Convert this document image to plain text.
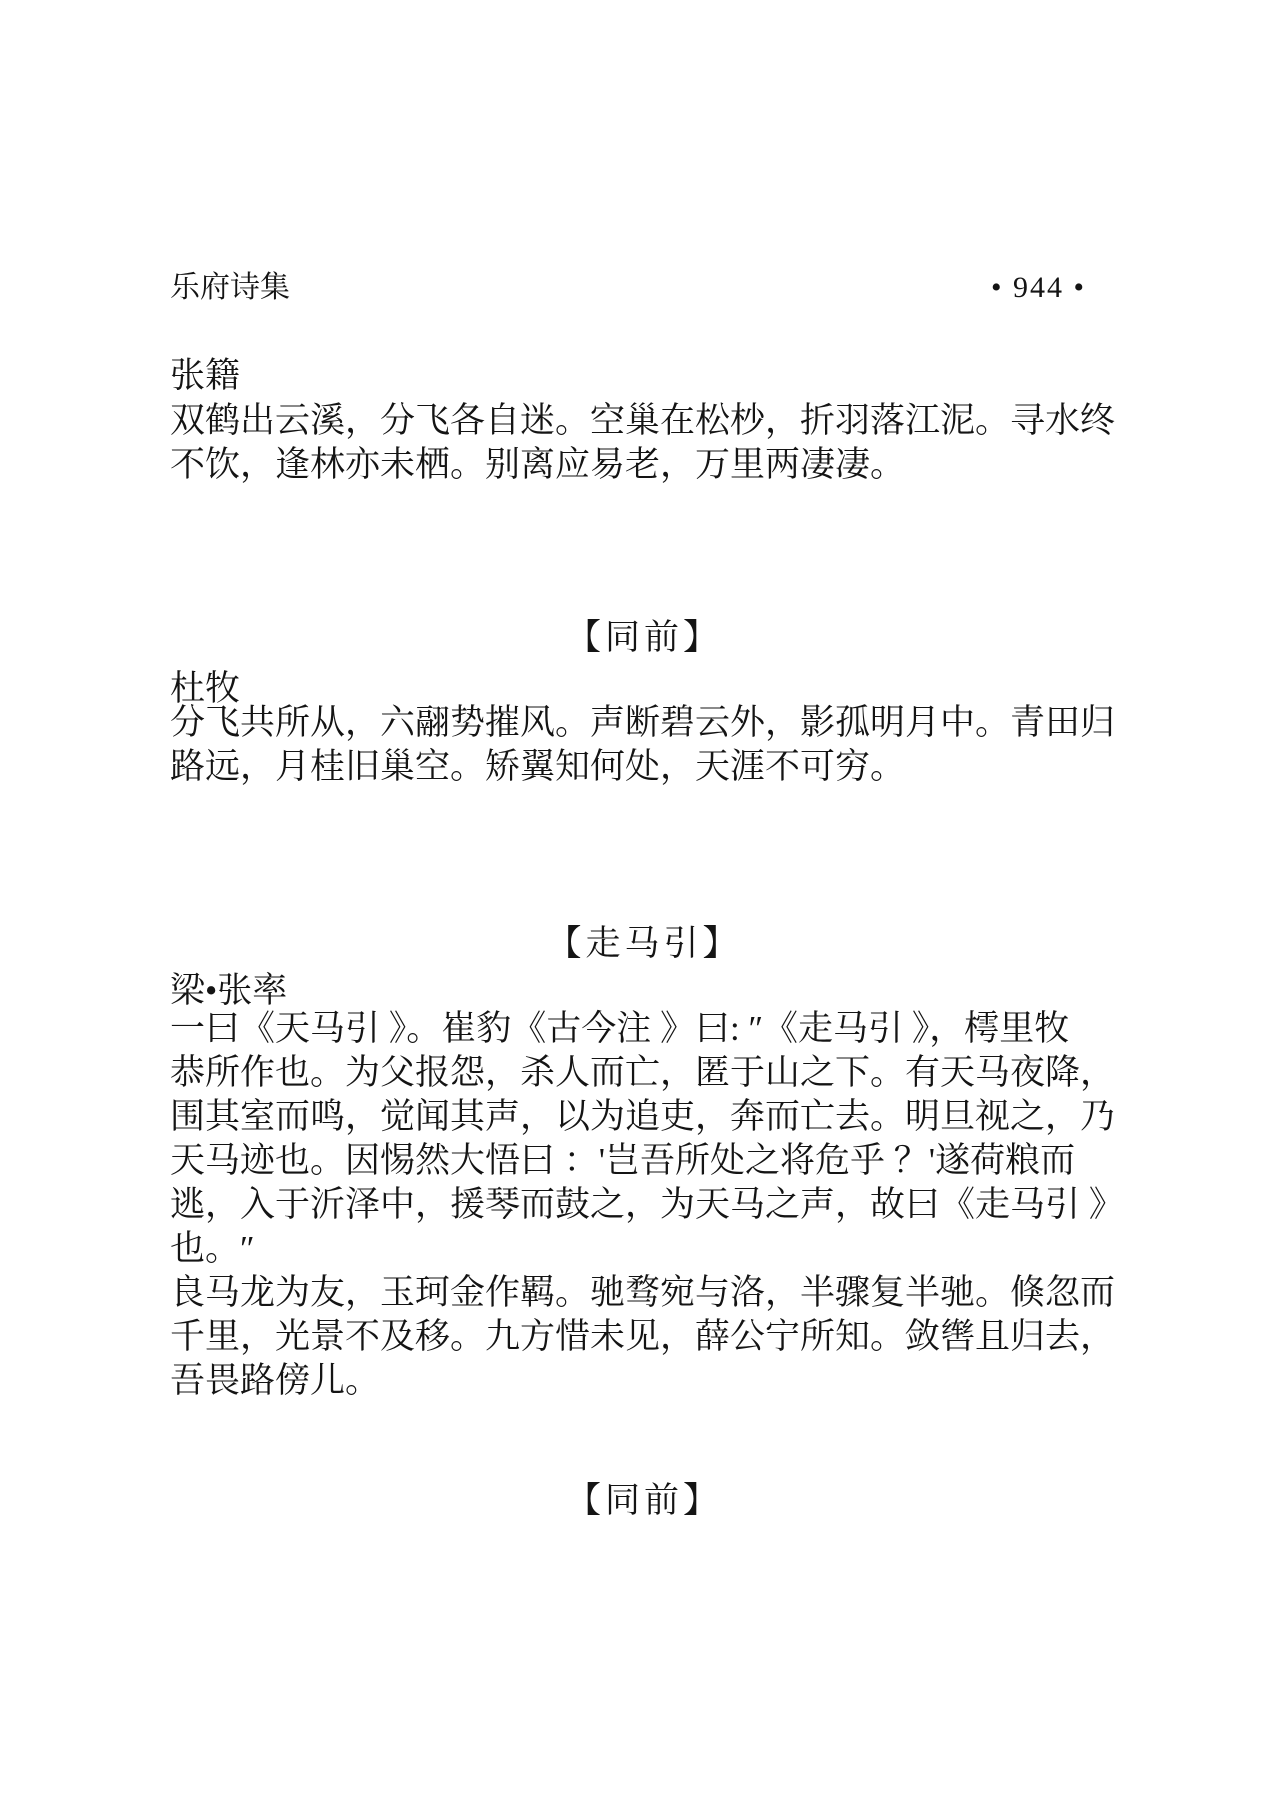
乐府诗集	• 944 •
张籍
双鹤出云溪，分飞各自迷。空巢在松杪，折羽落江泥。寻水终
不饮，逢林亦未栖。别离应易老，万里两凄凄。
【同前】
杜牧
分飞共所从，六翮势摧风。声断碧云外，影孤明月中。青田归
路远，月桂旧巢空。矫翼知何处，天涯不可穷。
【走马引】
梁•张率
一曰《天马引 》。崔豹《古今注 》曰: ″《走马引 》，樗里牧
恭所作也。为父报怨，杀人而亡，匿于山之下。有天马夜降，
围其室而鸣，觉闻其声，以为追吏，奔而亡去。明旦视之，乃
天马迹也。因惕然大悟曰 ：'岂吾所处之将危乎 ？'遂荷粮而
逃，入于沂泽中，援琴而鼓之，为天马之声，故曰《走马引 》
也。″
良马龙为友，玉珂金作羁。驰骛宛与洛，半骤复半驰。倏忽而
千里，光景不及移。九方惜未见，薛公宁所知。敛辔且归去，
吾畏路傍儿。
【同前】
